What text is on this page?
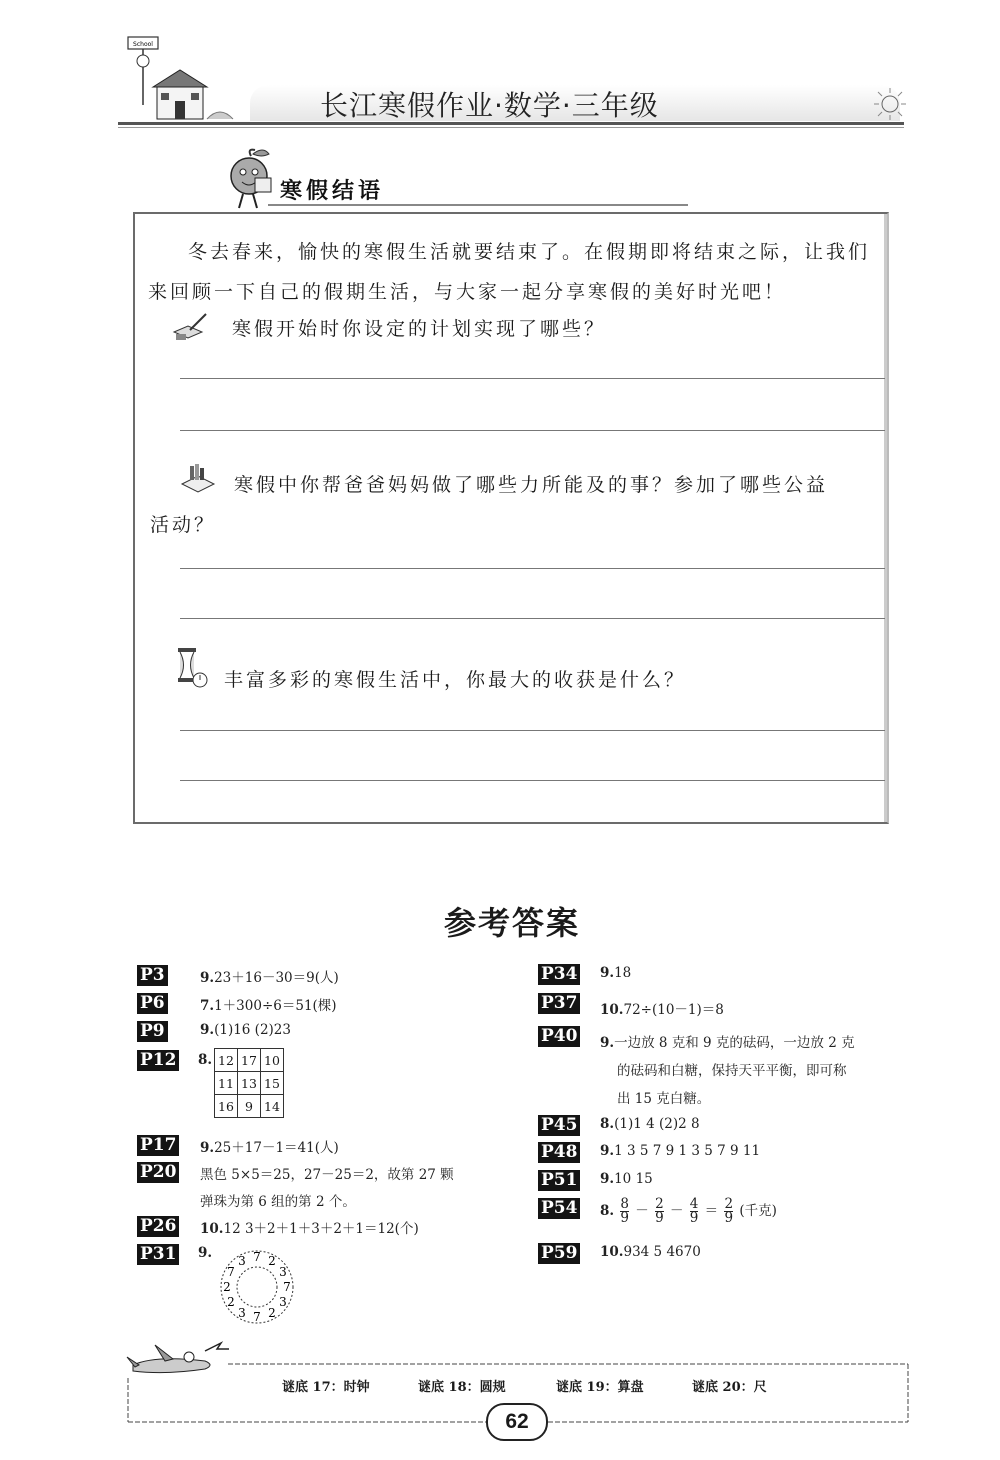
School
长江寒假作业·数学·三年级
寒假结语
冬去春来，愉快的寒假生活就要结束了。在假期即将结束之际，让我们来回顾一下自己的假期生活，与大家一起分享寒假的美好时光吧！
寒假开始时你设定的计划实现了哪些？
寒假中你帮爸爸妈妈做了哪些力所能及的事？参加了哪些公益
活动？
丰富多彩的寒假生活中，你最大的收获是什么？
参考答案
P3	9.23＋16－30＝9(人)
P6	7.1＋300÷6＝51(棵)
P9	9.(1)16 (2)23
P12 8. 12	17	10
11	13	15
16	9	14
P17 9.25＋17－1＝41(人)
P20 黑色 5×5＝25，27－25＝2，故第 27 颗
弹珠为第 6 组的第 2 个。
P26 10.12 3＋2＋1＋3＋2＋1＝12(个)
P31 9. 3 7 2
3
7
3
2
7
3
2
2
7
P34 9.18
P37 10.72÷(10－1)＝8
P40 9.一边放 8 克和 9 克的砝码，一边放 2 克
的砝码和白糖，保持天平平衡，即可称
出 15 克白糖。
P45 8.(1)1 4 (2)2 8
P48 9.1 3 5 7 9 1 3 5 7 9 11
P51 9.10 15
P54 8. $\frac{8}{9} - \frac{2}{9} - \frac{4}{9} = \frac{2}{9}$ (千克)
P59 10.934 5 4670
谜底 17：时钟	谜底 18：圆规	谜底 19：算盘	谜底 20：尺
62
